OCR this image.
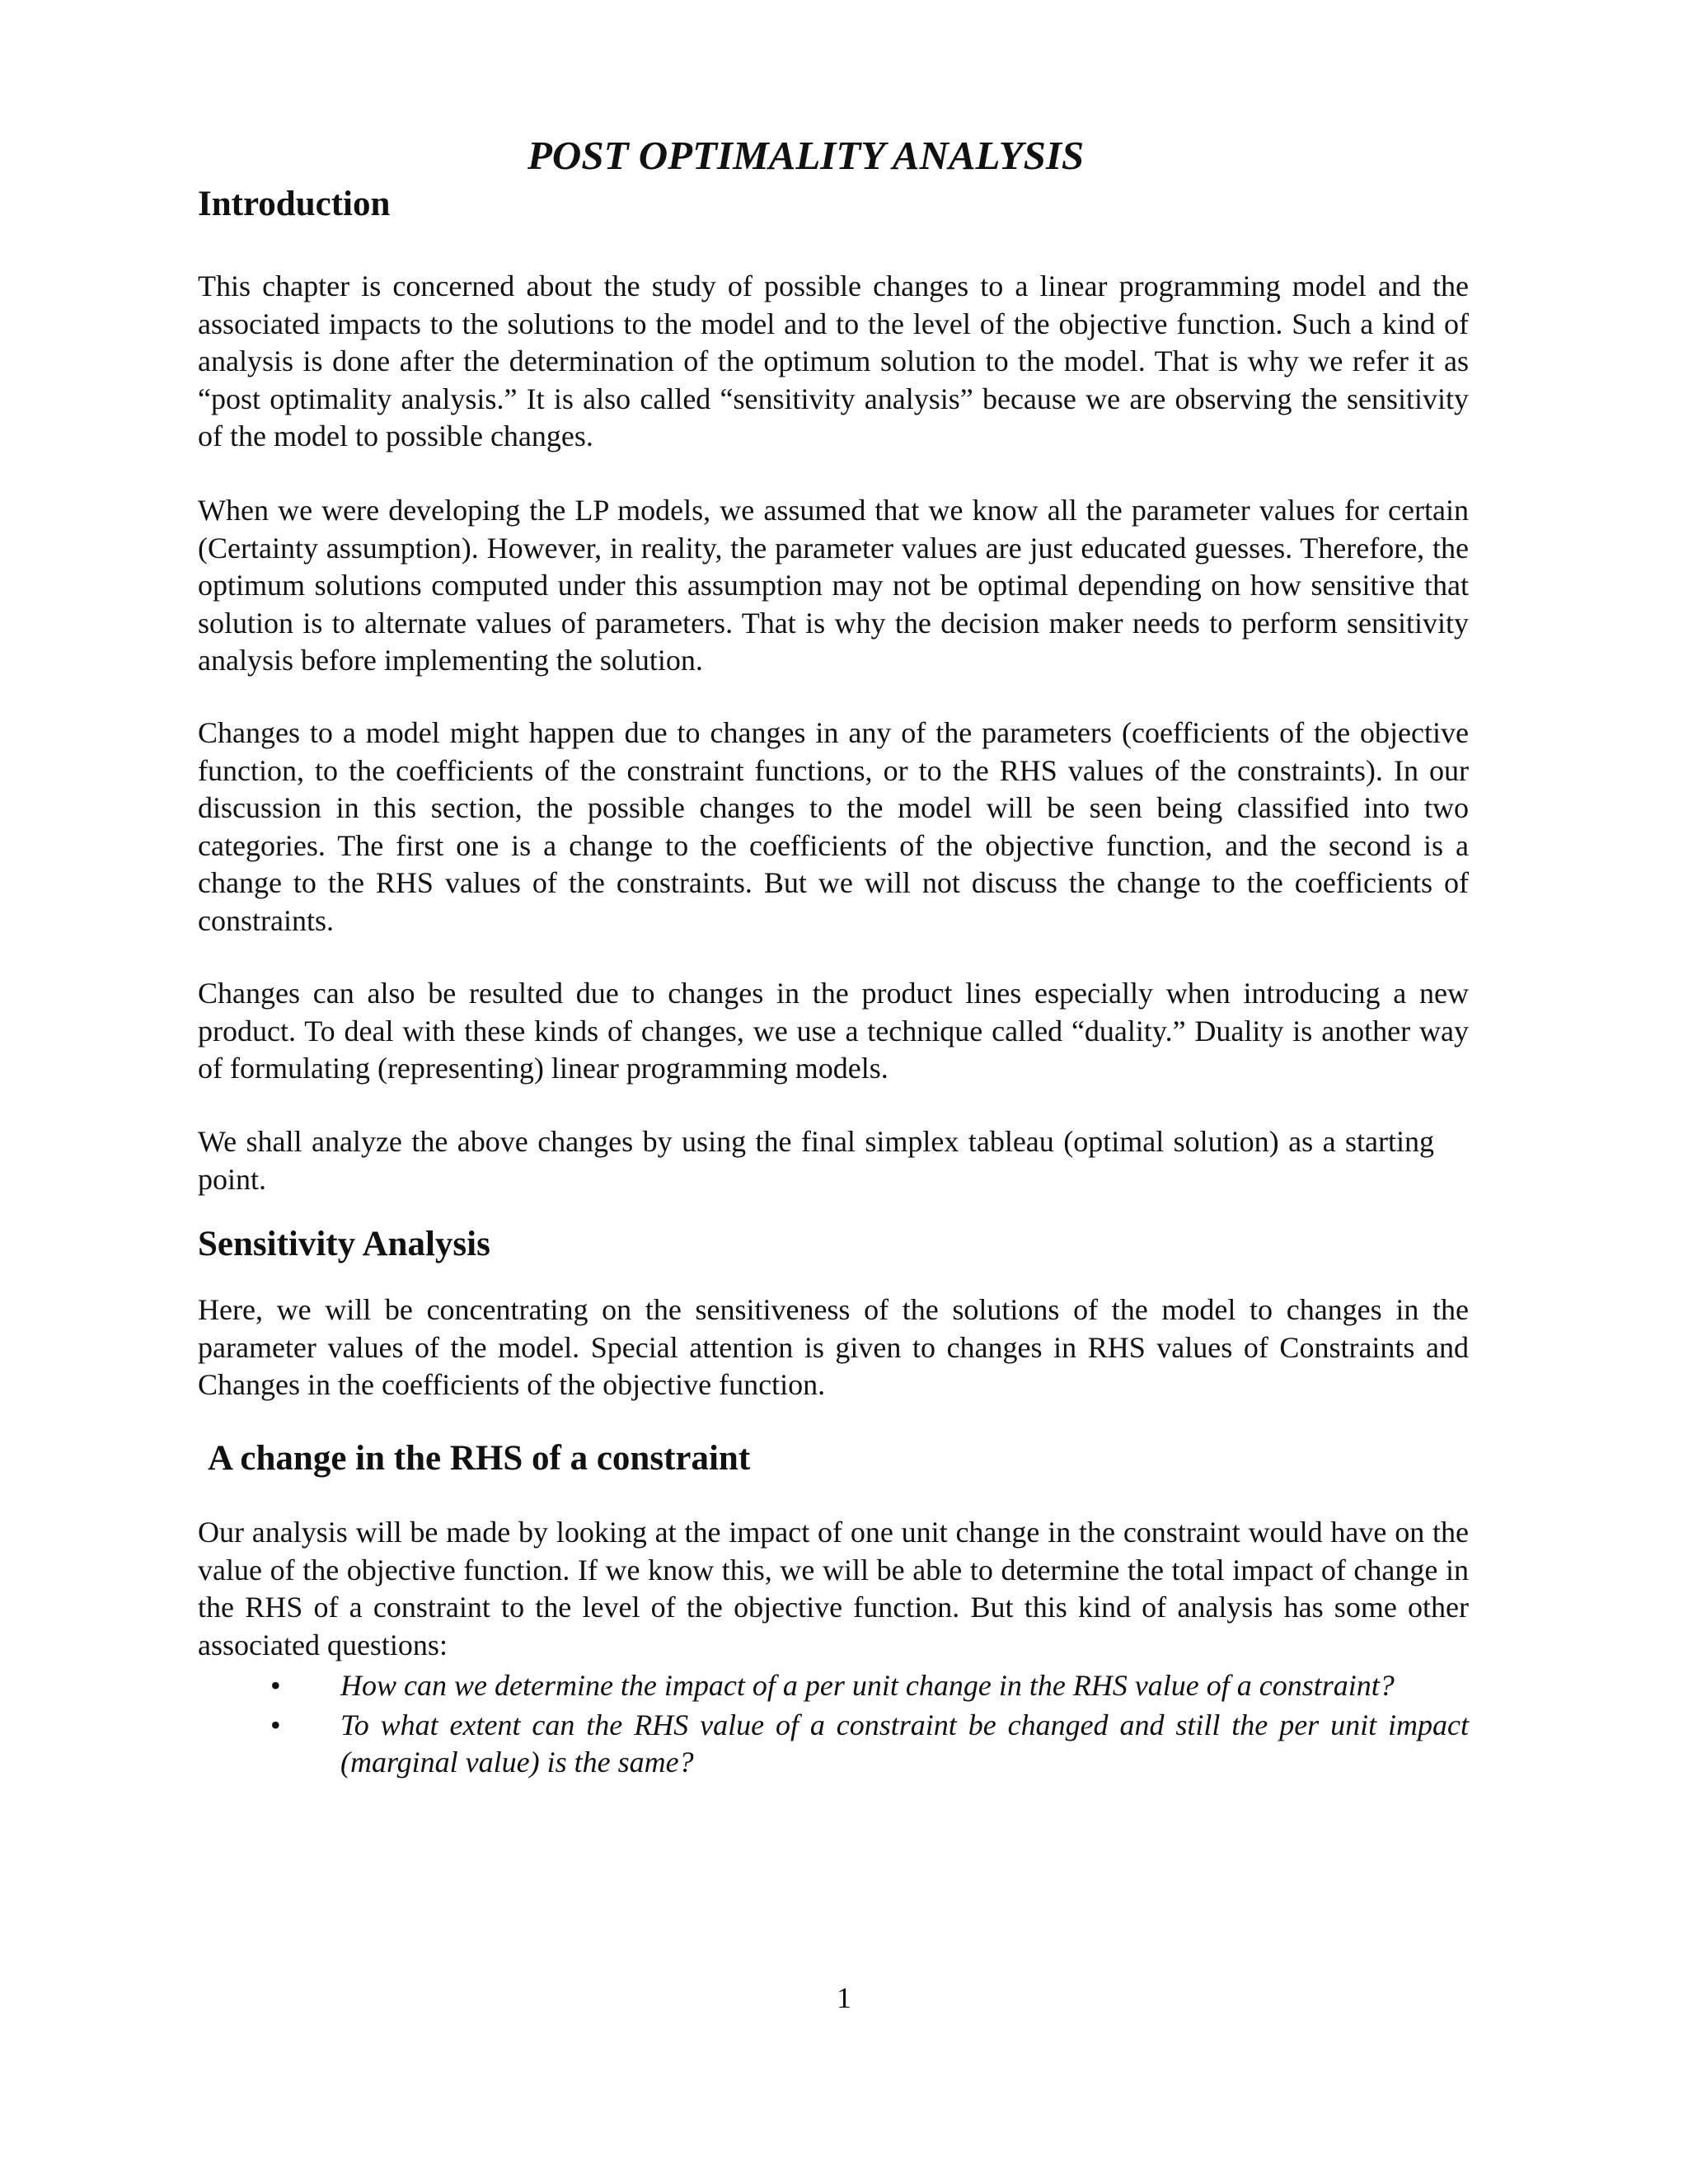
POST OPTIMALITY ANALYSIS
Introduction

This chapter is concerned about the study of possible changes to a linear programming model and the associated impacts to the solutions to the model and to the level of the objective function. Such a kind of analysis is done after the determination of the optimum solution to the model. That is why we refer it as “post optimality analysis.” It is also called “sensitivity analysis” because we are observing the sensitivity of the model to possible changes.

When we were developing the LP models, we assumed that we know all the parameter values for certain (Certainty assumption). However, in reality, the parameter values are just educated guesses. Therefore, the optimum solutions computed under this assumption may not be optimal depending on how sensitive that solution is to alternate values of parameters. That is why the decision maker needs to perform sensitivity analysis before implementing the solution.

Changes to a model might happen due to changes in any of the parameters (coefficients of the objective function, to the coefficients of the constraint functions, or to the RHS values of the constraints). In our discussion in this section, the possible changes to the model will be seen being classified into two categories. The first one is a change to the coefficients of the objective function, and the second is a change to the RHS values of the constraints. But we will not discuss the change to the coefficients of constraints.

Changes can also be resulted due to changes in the product lines especially when introducing a new product. To deal with these kinds of changes, we use a technique called “duality.” Duality is another way of formulating (representing) linear programming models.

We shall analyze the above changes by using the final simplex tableau (optimal solution) as a starting point.

Sensitivity Analysis

Here, we will be concentrating on the sensitiveness of the solutions of the model to changes in the parameter values of the model. Special attention is given to changes in RHS values of Constraints and Changes in the coefficients of the objective function.

A change in the RHS of a constraint

Our analysis will be made by looking at the impact of one unit change in the constraint would have on the value of the objective function. If we know this, we will be able to determine the total impact of change in the RHS of a constraint to the level of the objective function. But this kind of analysis has some other associated questions:

• How can we determine the impact of a per unit change in the RHS value of a constraint?
• To what extent can the RHS value of a constraint be changed and still the per unit impact (marginal value) is the same?

1
